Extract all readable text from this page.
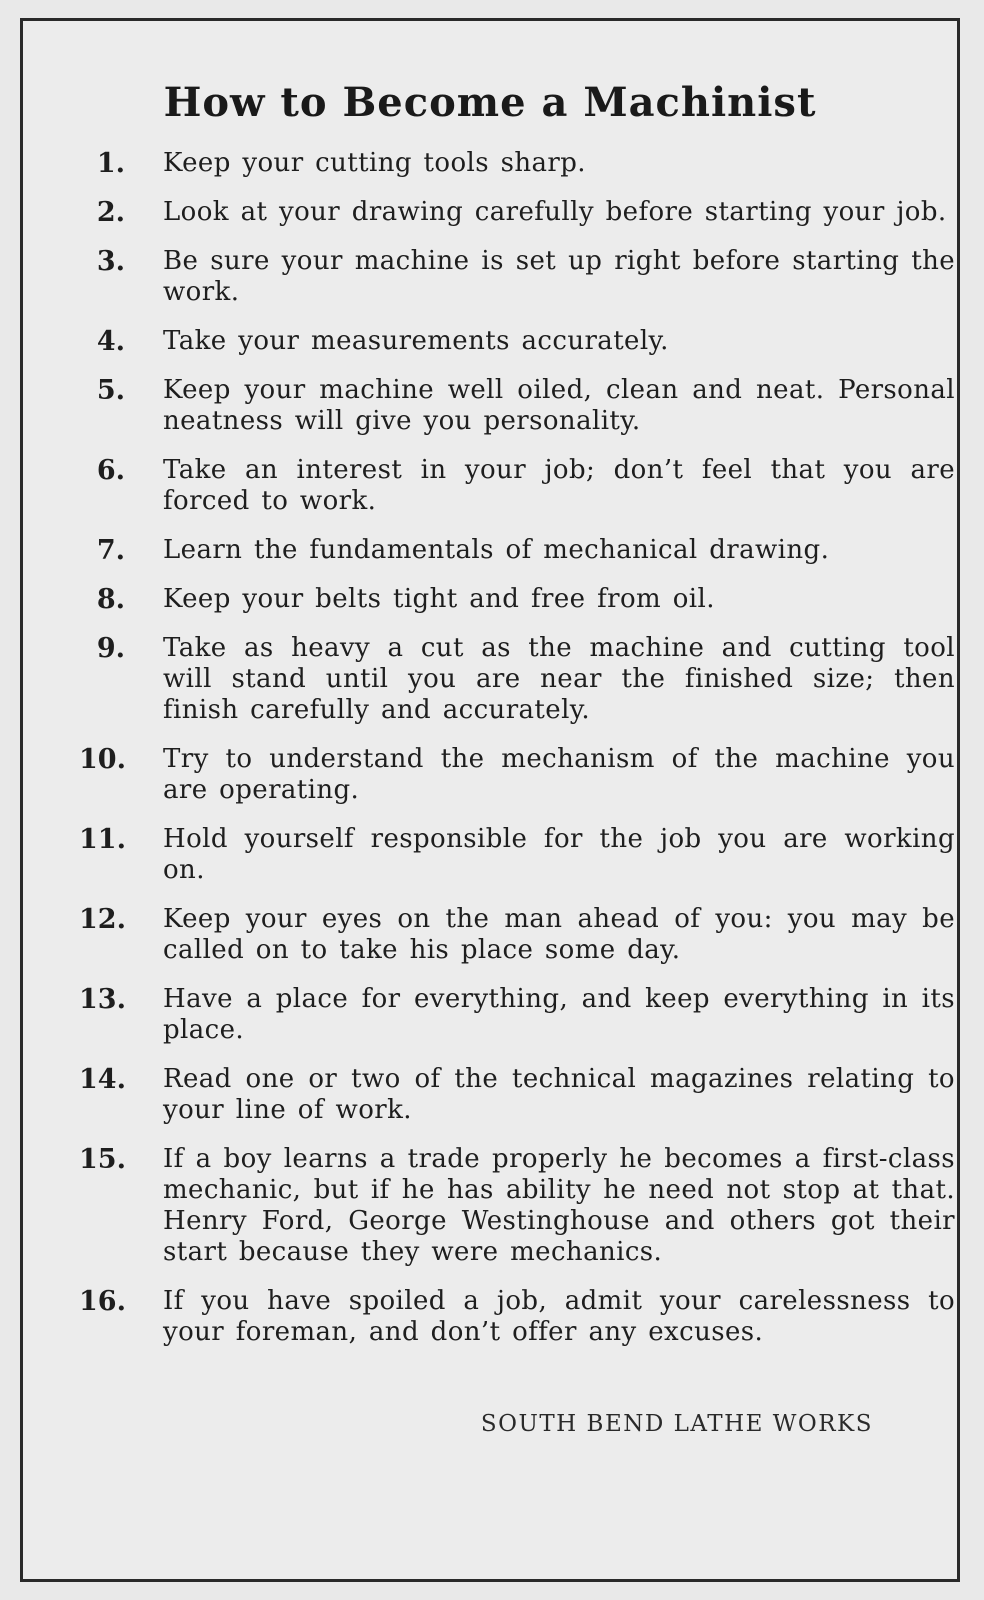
How to Become a Machinist
1.	Keep your cutting tools sharp.
2.	Look at your drawing carefully before starting your job.
3.	Be sure your machine is set up right before starting the work.
4.	Take your measurements accurately.
5.	Keep your machine well oiled, clean and neat. Personal neatness will give you personality.
6.	Take an interest in your job; don’t feel that you are forced to work.
7.	Learn the fundamentals of mechanical drawing.
8.	Keep your belts tight and free from oil.
9.	Take as heavy a cut as the machine and cutting tool will stand until you are near the finished size; then finish carefully and accurately.
10.	Try to understand the mechanism of the machine you are operating.
11.	Hold yourself responsible for the job you are working on.
12.	Keep your eyes on the man ahead of you: you may be called on to take his place some day.
13.	Have a place for everything, and keep everything in its place.
14.	Read one or two of the technical magazines relating to your line of work.
15.	If a boy learns a trade properly he becomes a first-class mechanic, but if he has ability he need not stop at that. Henry Ford, George Westinghouse and others got their start because they were mechanics.
16.	If you have spoiled a job, admit your carelessness to your foreman, and don’t offer any excuses.
SOUTH BEND LATHE WORKS
